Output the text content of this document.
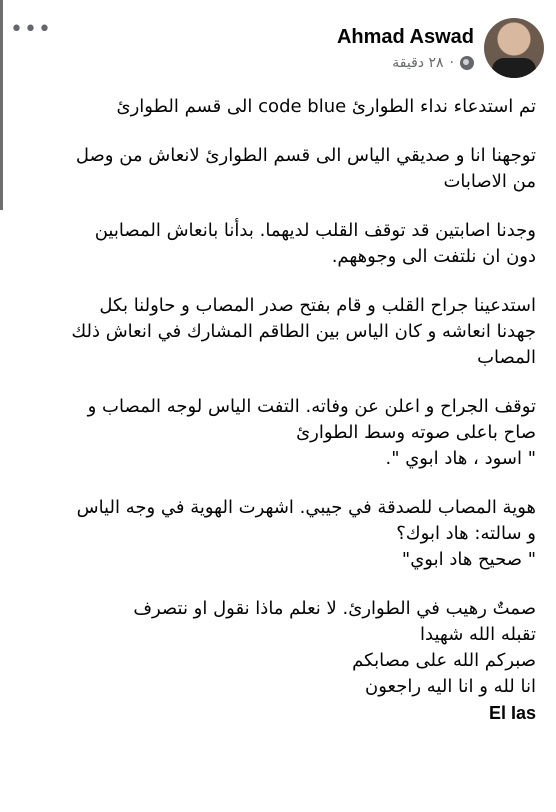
•••	Ahmad Aswad
٢٨ دقيقة ·

تم استدعاء نداء الطوارئ code blue الى قسم الطوارئ

توجهنا انا و صديقي الياس الى قسم الطوارئ لانعاش من وصل
من الاصابات

وجدنا اصابتين قد توقف القلب لديهما. بدأنا بانعاش المصابين
دون ان نلتفت الى وجوههم.

استدعينا جراح القلب و قام بفتح صدر المصاب و حاولنا بكل
جهدنا انعاشه و كان الياس بين الطاقم المشارك في انعاش ذلك
المصاب

توقف الجراح و اعلن عن وفاته. التفت الياس لوجه المصاب و
صاح باعلى صوته وسط الطوارئ
" اسود ، هاد ابوي ".

هوية المصاب للصدقة في جيبي. اشهرت الهوية في وجه الياس
و سالته: هاد ابوك؟
" صحيح هاد ابوي"

صمتٌ رهيب في الطوارئ. لا نعلم ماذا نقول او نتصرف
تقبله الله شهيدا
صبركم الله على مصابكم
انا لله و انا اليه راجعون

El Ias
